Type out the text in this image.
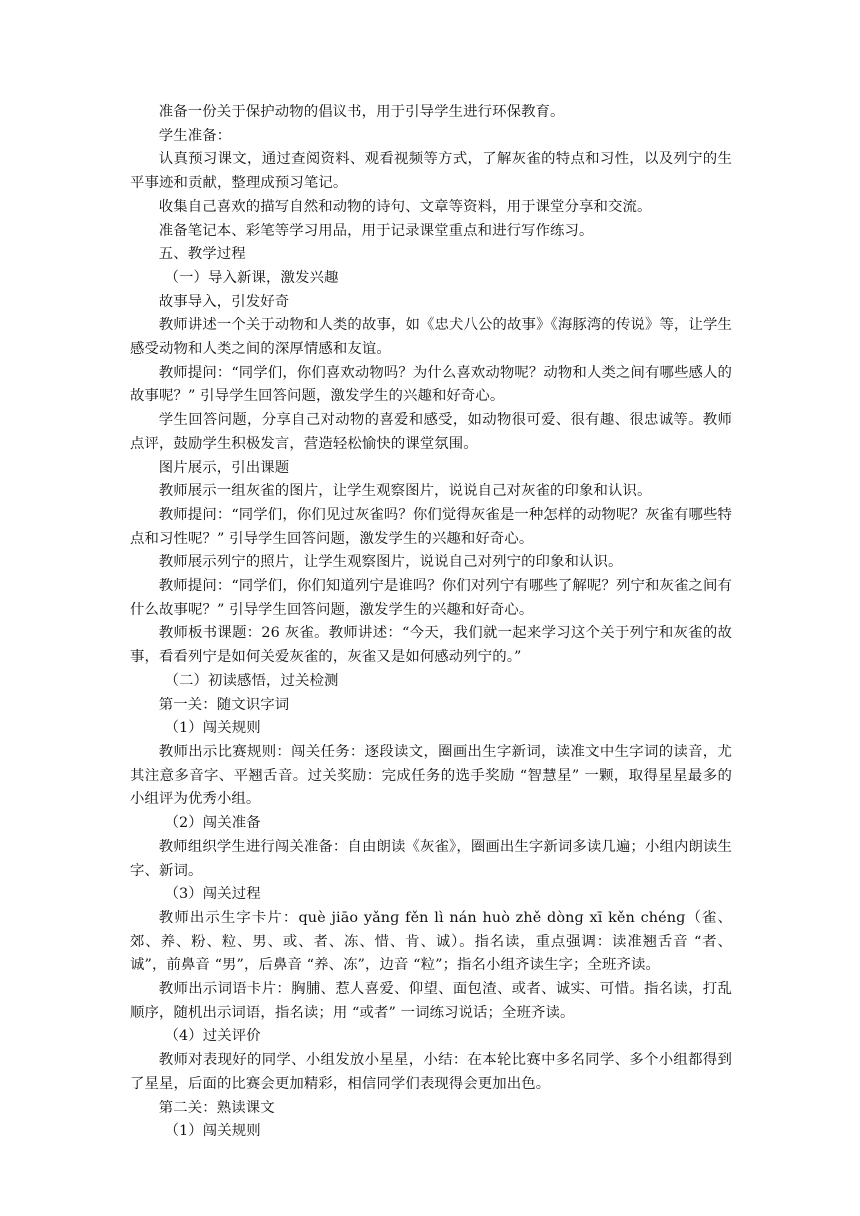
准备一份关于保护动物的倡议书，用于引导学生进行环保教育。

学生准备：

认真预习课文，通过查阅资料、观看视频等方式，了解灰雀的特点和习性，以及列宁的生平事迹和贡献，整理成预习笔记。

收集自己喜欢的描写自然和动物的诗句、文章等资料，用于课堂分享和交流。

准备笔记本、彩笔等学习用品，用于记录课堂重点和进行写作练习。

五、教学过程

（一）导入新课，激发兴趣

故事导入，引发好奇

教师讲述一个关于动物和人类的故事，如《忠犬八公的故事》《海豚湾的传说》等，让学生感受动物和人类之间的深厚情感和友谊。

教师提问：“同学们，你们喜欢动物吗？为什么喜欢动物呢？动物和人类之间有哪些感人的故事呢？” 引导学生回答问题，激发学生的兴趣和好奇心。

学生回答问题，分享自己对动物的喜爱和感受，如动物很可爱、很有趣、很忠诚等。教师点评，鼓励学生积极发言，营造轻松愉快的课堂氛围。

图片展示，引出课题

教师展示一组灰雀的图片，让学生观察图片，说说自己对灰雀的印象和认识。

教师提问：“同学们，你们见过灰雀吗？你们觉得灰雀是一种怎样的动物呢？灰雀有哪些特点和习性呢？” 引导学生回答问题，激发学生的兴趣和好奇心。

教师展示列宁的照片，让学生观察图片，说说自己对列宁的印象和认识。

教师提问：“同学们，你们知道列宁是谁吗？你们对列宁有哪些了解呢？列宁和灰雀之间有什么故事呢？” 引导学生回答问题，激发学生的兴趣和好奇心。

教师板书课题：26 灰雀。教师讲述：“今天，我们就一起来学习这个关于列宁和灰雀的故事，看看列宁是如何关爱灰雀的，灰雀又是如何感动列宁的。”

（二）初读感悟，过关检测

第一关：随文识字词

（1）闯关规则

教师出示比赛规则：闯关任务：逐段读文，圈画出生字新词，读准文中生字词的读音，尤其注意多音字、平翘舌音。过关奖励：完成任务的选手奖励 “智慧星” 一颗，取得星星最多的小组评为优秀小组。

（2）闯关准备

教师组织学生进行闯关准备：自由朗读《灰雀》，圈画出生字新词多读几遍；小组内朗读生字、新词。

（3）闯关过程

教师出示生字卡片：què jiāo yǎnɡ fěn lì nán huò zhě dònɡ xī kěn chénɡ（雀、郊、养、粉、粒、男、或、者、冻、惜、肯、诚）。指名读，重点强调：读准翘舌音 “者、诚”，前鼻音 “男”，后鼻音 “养、冻”，边音 “粒”；指名小组齐读生字；全班齐读。

教师出示词语卡片：胸脯、惹人喜爱、仰望、面包渣、或者、诚实、可惜。指名读，打乱顺序，随机出示词语，指名读；用 “或者” 一词练习说话；全班齐读。

（4）过关评价

教师对表现好的同学、小组发放小星星，小结：在本轮比赛中多名同学、多个小组都得到了星星，后面的比赛会更加精彩，相信同学们表现得会更加出色。

第二关：熟读课文

（1）闯关规则
